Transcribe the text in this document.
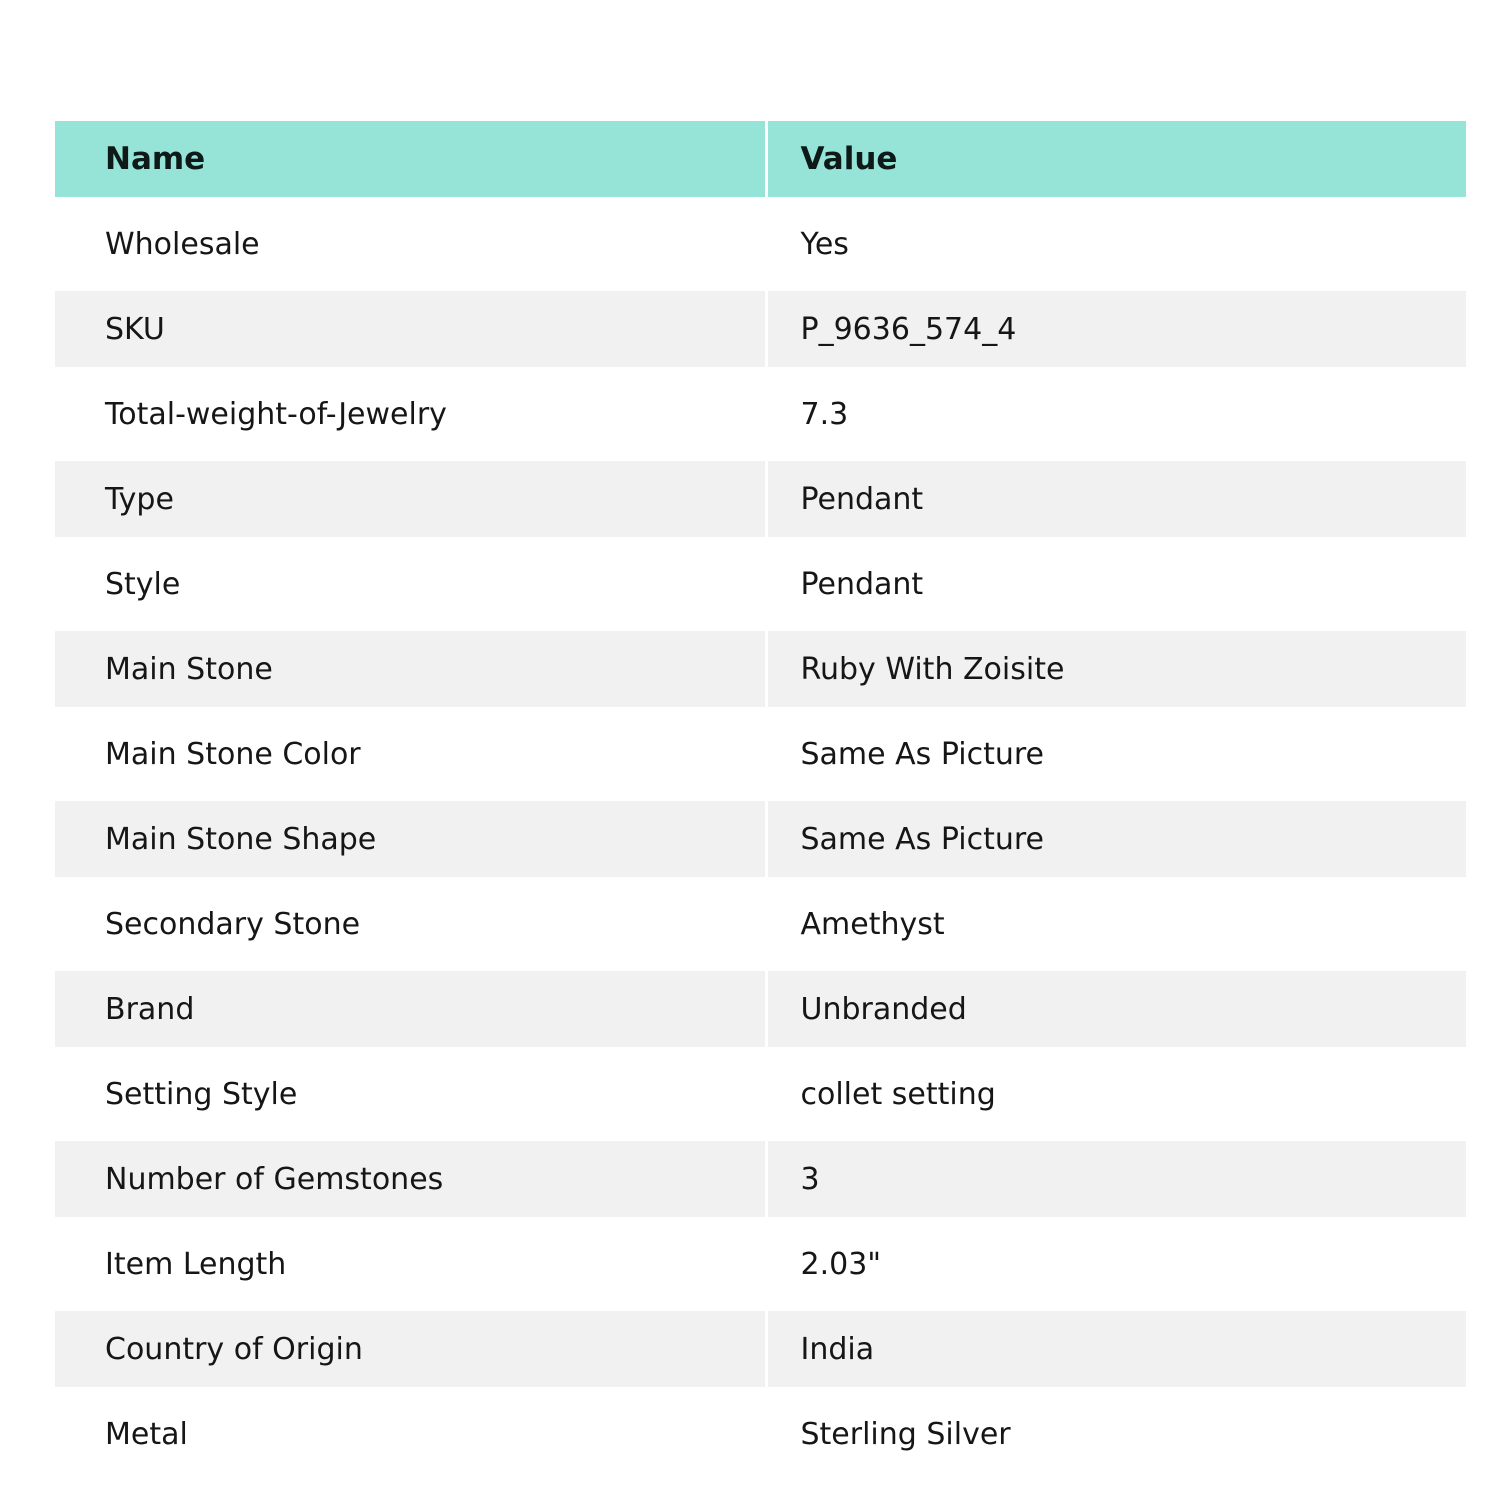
Name	Value
Wholesale	Yes
SKU	P_9636_574_4
Total-weight-of-Jewelry	7.3
Type	Pendant
Style	Pendant
Main Stone	Ruby With Zoisite
Main Stone Color	Same As Picture
Main Stone Shape	Same As Picture
Secondary Stone	Amethyst
Brand	Unbranded
Setting Style	collet setting
Number of Gemstones	3
Item Length	2.03"
Country of Origin	India
Metal	Sterling Silver
